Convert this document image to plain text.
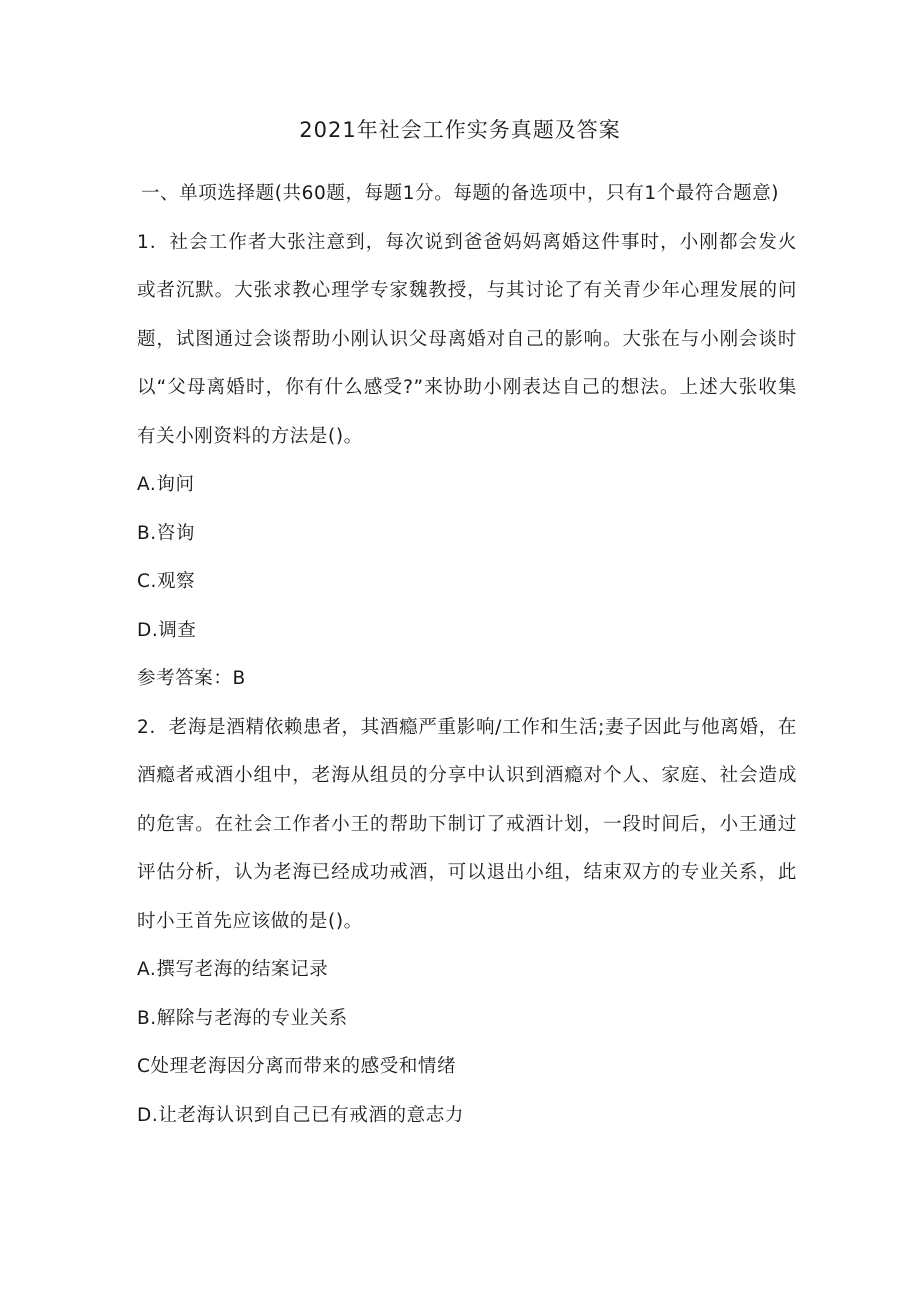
2021年社会工作实务真题及答案

一、单项选择题(共60题，每题1分。每题的备选项中，只有1个最符合题意)

1．社会工作者大张注意到，每次说到爸爸妈妈离婚这件事时，小刚都会发火或者沉默。大张求教心理学专家魏教授，与其讨论了有关青少年心理发展的问题，试图通过会谈帮助小刚认识父母离婚对自己的影响。大张在与小刚会谈时以“父母离婚时，你有什么感受?”来协助小刚表达自己的想法。上述大张收集有关小刚资料的方法是()。

A.询问

B.咨询

C.观察

D.调查

参考答案：B

2．老海是酒精依赖患者，其酒瘾严重影响/工作和生活;妻子因此与他离婚，在酒瘾者戒酒小组中，老海从组员的分享中认识到酒瘾对个人、家庭、社会造成的危害。在社会工作者小王的帮助下制订了戒酒计划，一段时间后，小王通过评估分析，认为老海已经成功戒酒，可以退出小组，结束双方的专业关系，此时小王首先应该做的是()。

A.撰写老海的结案记录

B.解除与老海的专业关系

C处理老海因分离而带来的感受和情绪

D.让老海认识到自己已有戒酒的意志力
